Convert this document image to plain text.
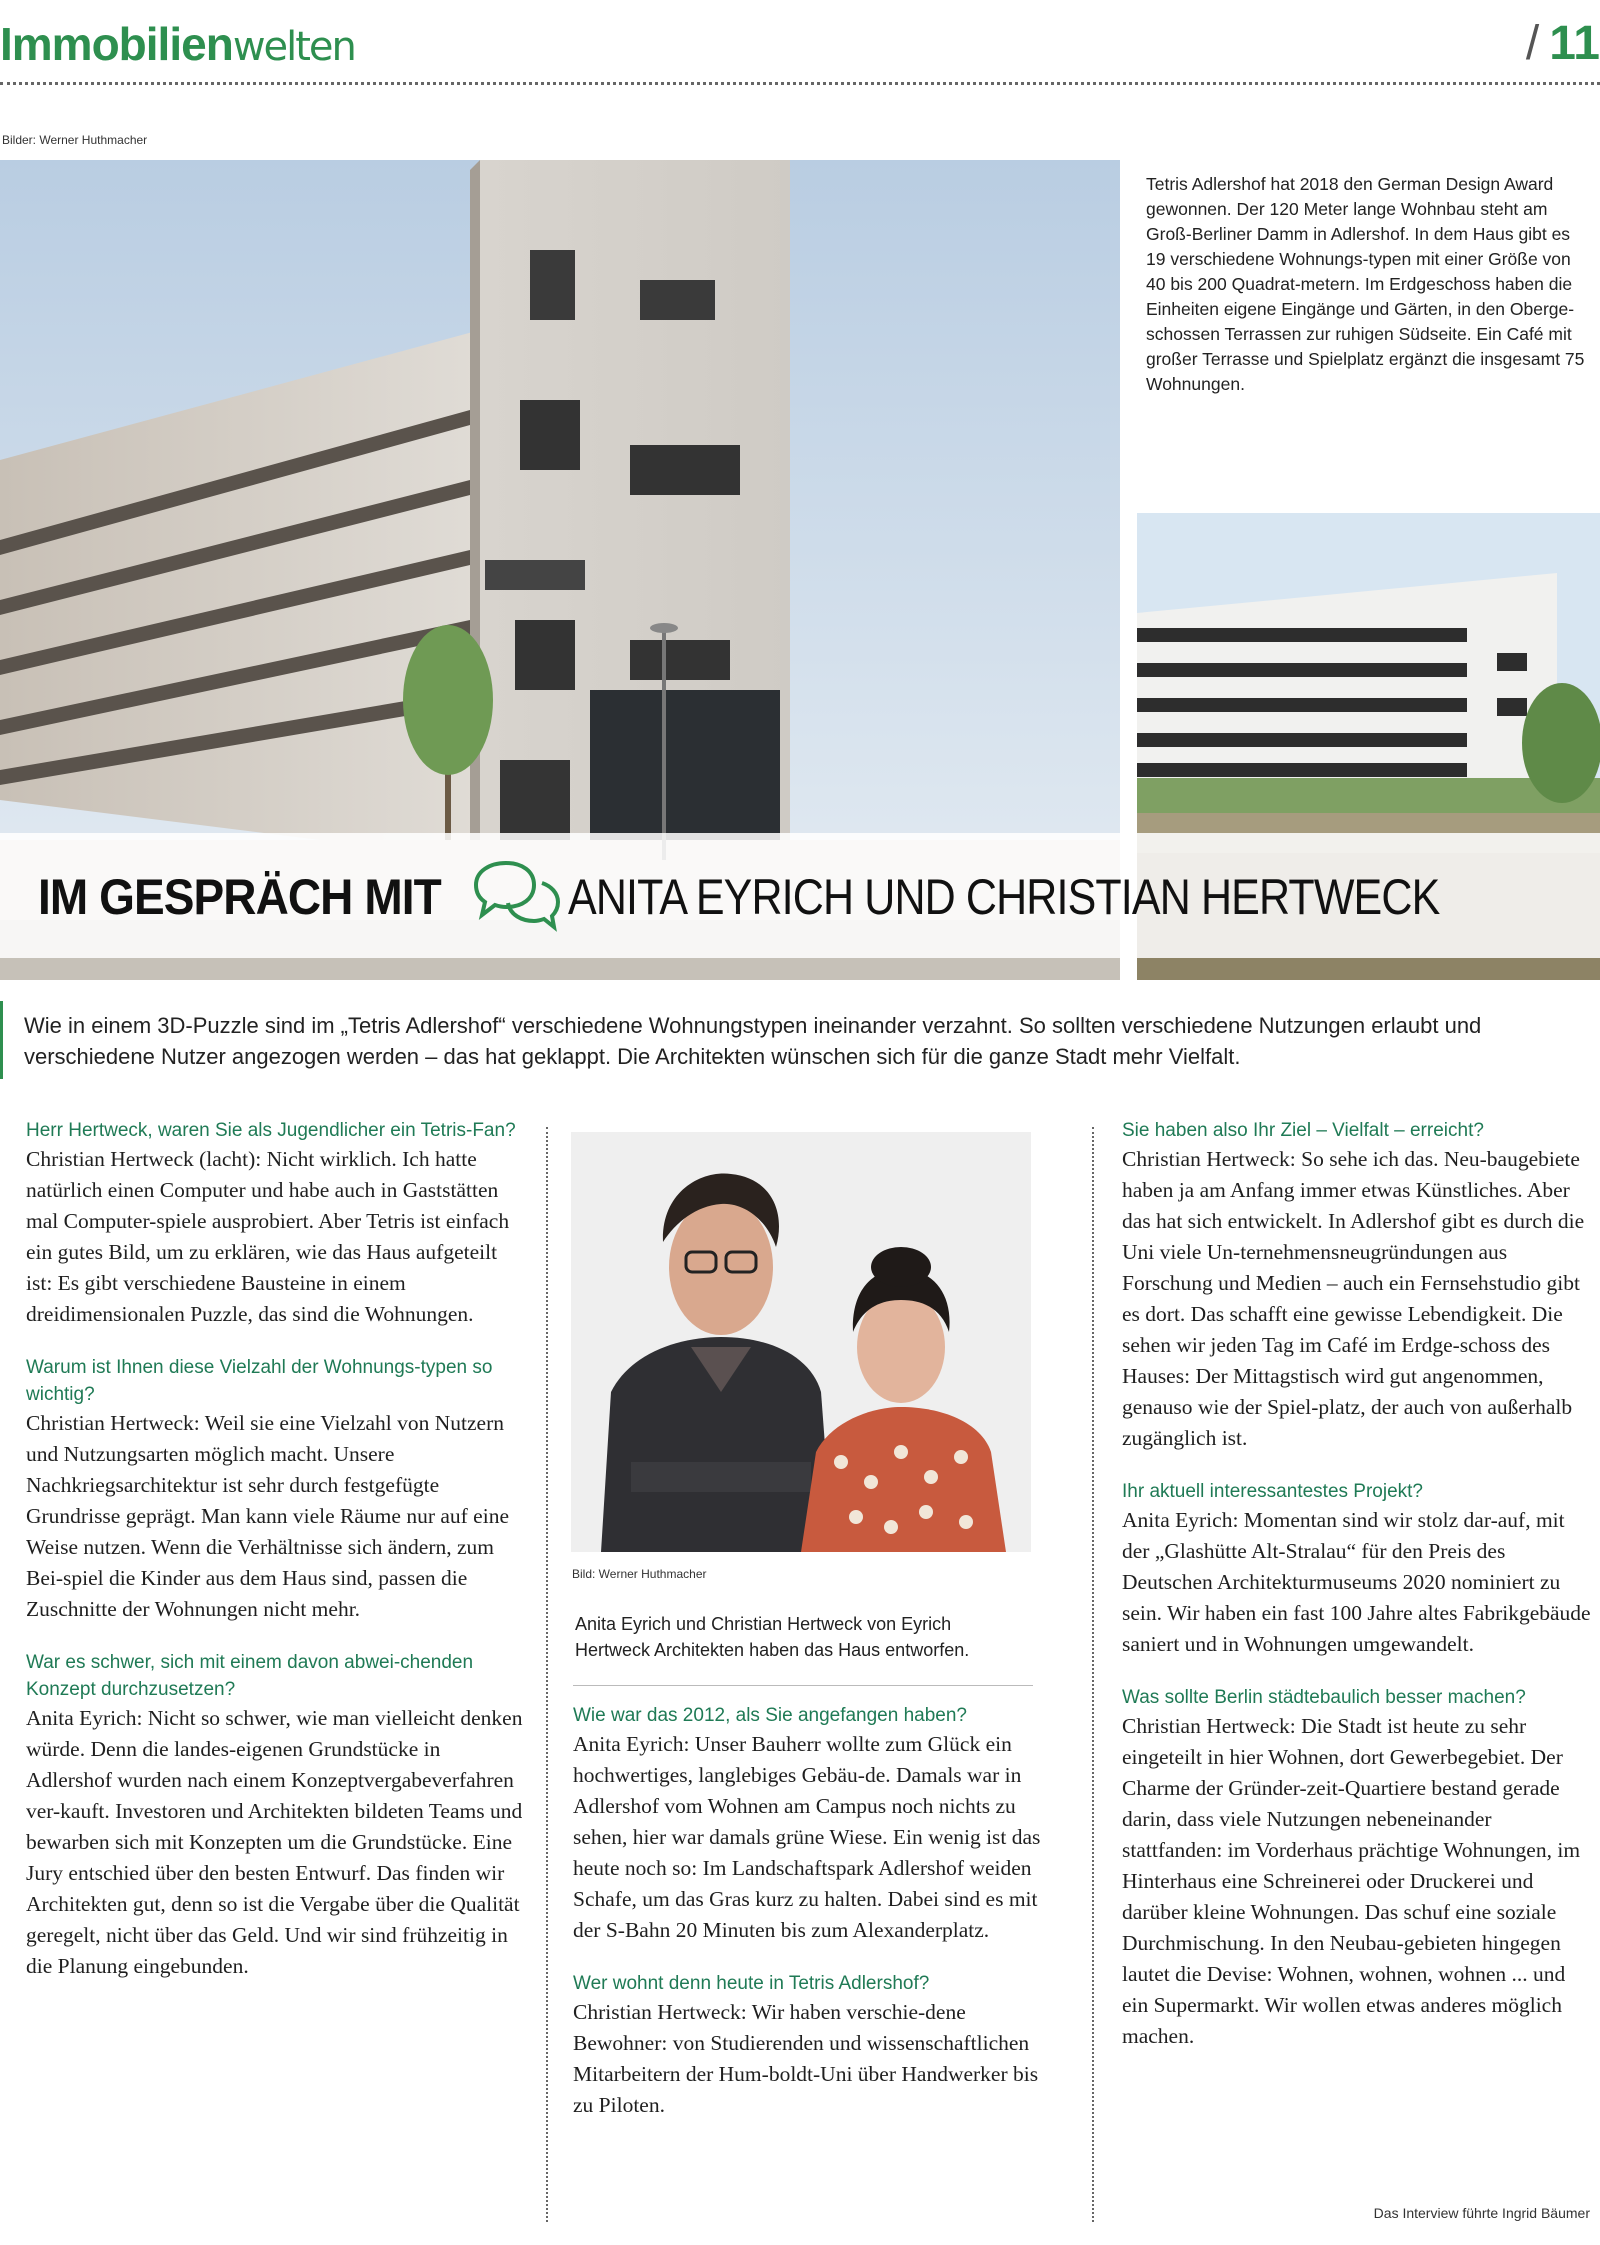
Immobilienwelten	/ 11
Bilder: Werner Huthmacher
Tetris Adlershof hat 2018 den German Design Award gewonnen. Der 120 Meter lange Wohnbau steht am Groß-Berliner Damm in Adlershof. In dem Haus gibt es 19 verschiedene Wohnungs-typen mit einer Größe von 40 bis 200 Quadrat-metern. Im Erdgeschoss haben die Einheiten eigene Eingänge und Gärten, in den Oberge-schossen Terrassen zur ruhigen Südseite. Ein Café mit großer Terrasse und Spielplatz ergänzt die insgesamt 75 Wohnungen.
IM GESPRÄCH MIT	ANITA EYRICH UND CHRISTIAN HERTWECK
Wie in einem 3D-Puzzle sind im „Tetris Adlershof“ verschiedene Wohnungstypen ineinander verzahnt. So sollten verschiedene Nutzungen erlaubt und verschiedene Nutzer angezogen werden – das hat geklappt. Die Architekten wünschen sich für die ganze Stadt mehr Vielfalt.
Herr Hertweck, waren Sie als Jugendlicher ein Tetris-Fan?
Christian Hertweck (lacht): Nicht wirklich. Ich hatte natürlich einen Computer und habe auch in Gaststätten mal Computer-spiele ausprobiert. Aber Tetris ist einfach ein gutes Bild, um zu erklären, wie das Haus aufgeteilt ist: Es gibt verschiedene Bausteine in einem dreidimensionalen Puzzle, das sind die Wohnungen.
Warum ist Ihnen diese Vielzahl der Wohnungs-typen so wichtig?
Christian Hertweck: Weil sie eine Vielzahl von Nutzern und Nutzungsarten möglich macht. Unsere Nachkriegsarchitektur ist sehr durch festgefügte Grundrisse geprägt. Man kann viele Räume nur auf eine Weise nutzen. Wenn die Verhältnisse sich ändern, zum Bei-spiel die Kinder aus dem Haus sind, passen die Zuschnitte der Wohnungen nicht mehr.
War es schwer, sich mit einem davon abwei-chenden Konzept durchzusetzen?
Anita Eyrich: Nicht so schwer, wie man vielleicht denken würde. Denn die landes-eigenen Grundstücke in Adlershof wurden nach einem Konzeptvergabeverfahren ver-kauft. Investoren und Architekten bildeten Teams und bewarben sich mit Konzepten um die Grundstücke. Eine Jury entschied über den besten Entwurf. Das finden wir Architekten gut, denn so ist die Vergabe über die Qualität geregelt, nicht über das Geld. Und wir sind frühzeitig in die Planung eingebunden.
Bild: Werner Huthmacher
Anita Eyrich und Christian Hertweck von Eyrich Hertweck Architekten haben das Haus entworfen.
Wie war das 2012, als Sie angefangen haben?
Anita Eyrich: Unser Bauherr wollte zum Glück ein hochwertiges, langlebiges Gebäu-de. Damals war in Adlershof vom Wohnen am Campus noch nichts zu sehen, hier war damals grüne Wiese. Ein wenig ist das heute noch so: Im Landschaftspark Adlershof weiden Schafe, um das Gras kurz zu halten. Dabei sind es mit der S-Bahn 20 Minuten bis zum Alexanderplatz.
Wer wohnt denn heute in Tetris Adlershof?
Christian Hertweck: Wir haben verschie-dene Bewohner: von Studierenden und wissenschaftlichen Mitarbeitern der Hum-boldt-Uni über Handwerker bis zu Piloten.
Sie haben also Ihr Ziel – Vielfalt – erreicht?
Christian Hertweck: So sehe ich das. Neu-baugebiete haben ja am Anfang immer etwas Künstliches. Aber das hat sich entwickelt. In Adlershof gibt es durch die Uni viele Un-ternehmensneugründungen aus Forschung und Medien – auch ein Fernsehstudio gibt es dort. Das schafft eine gewisse Lebendigkeit. Die sehen wir jeden Tag im Café im Erdge-schoss des Hauses: Der Mittagstisch wird gut angenommen, genauso wie der Spiel-platz, der auch von außerhalb zugänglich ist.
Ihr aktuell interessantestes Projekt?
Anita Eyrich: Momentan sind wir stolz dar-auf, mit der „Glashütte Alt-Stralau“ für den Preis des Deutschen Architekturmuseums 2020 nominiert zu sein. Wir haben ein fast 100 Jahre altes Fabrikgebäude saniert und in Wohnungen umgewandelt.
Was sollte Berlin städtebaulich besser machen?
Christian Hertweck: Die Stadt ist heute zu sehr eingeteilt in hier Wohnen, dort Gewerbegebiet. Der Charme der Gründer-zeit-Quartiere bestand gerade darin, dass viele Nutzungen nebeneinander stattfanden: im Vorderhaus prächtige Wohnungen, im Hinterhaus eine Schreinerei oder Druckerei und darüber kleine Wohnungen. Das schuf eine soziale Durchmischung. In den Neubau-gebieten hingegen lautet die Devise: Wohnen, wohnen, wohnen ... und ein Supermarkt. Wir wollen etwas anderes möglich machen.
Das Interview führte Ingrid Bäumer
